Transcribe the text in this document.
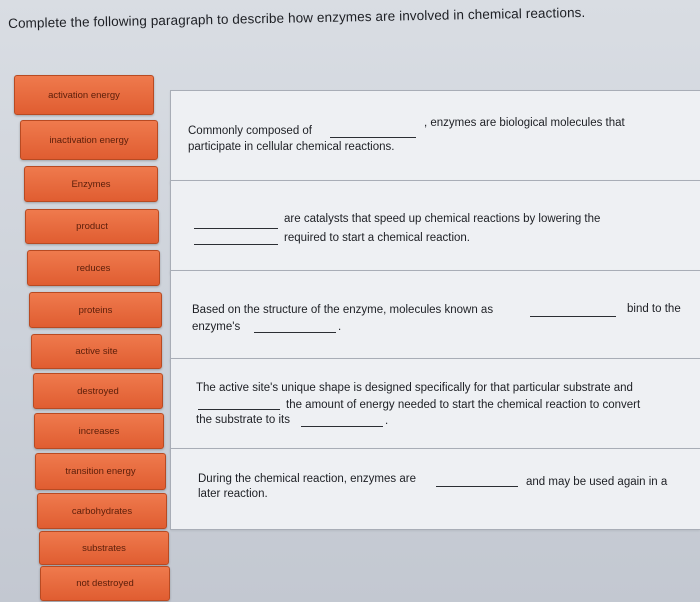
Complete the following paragraph to describe how enzymes are involved in chemical reactions.
activation energy
inactivation energy
Enzymes
product
reduces
proteins
active site
destroyed
increases
transition energy
carbohydrates
substrates
not destroyed
Commonly composed of
, enzymes are biological molecules that
participate in cellular chemical reactions.
are catalysts that speed up chemical reactions by lowering the
required to start a chemical reaction.
Based on the structure of the enzyme, molecules known as	bind to the
enzyme's	.
The active site's unique shape is designed specifically for that particular substrate and
the amount of energy needed to start the chemical reaction to convert
the substrate to its	.
During the chemical reaction, enzymes are	and may be used again in a
later reaction.
